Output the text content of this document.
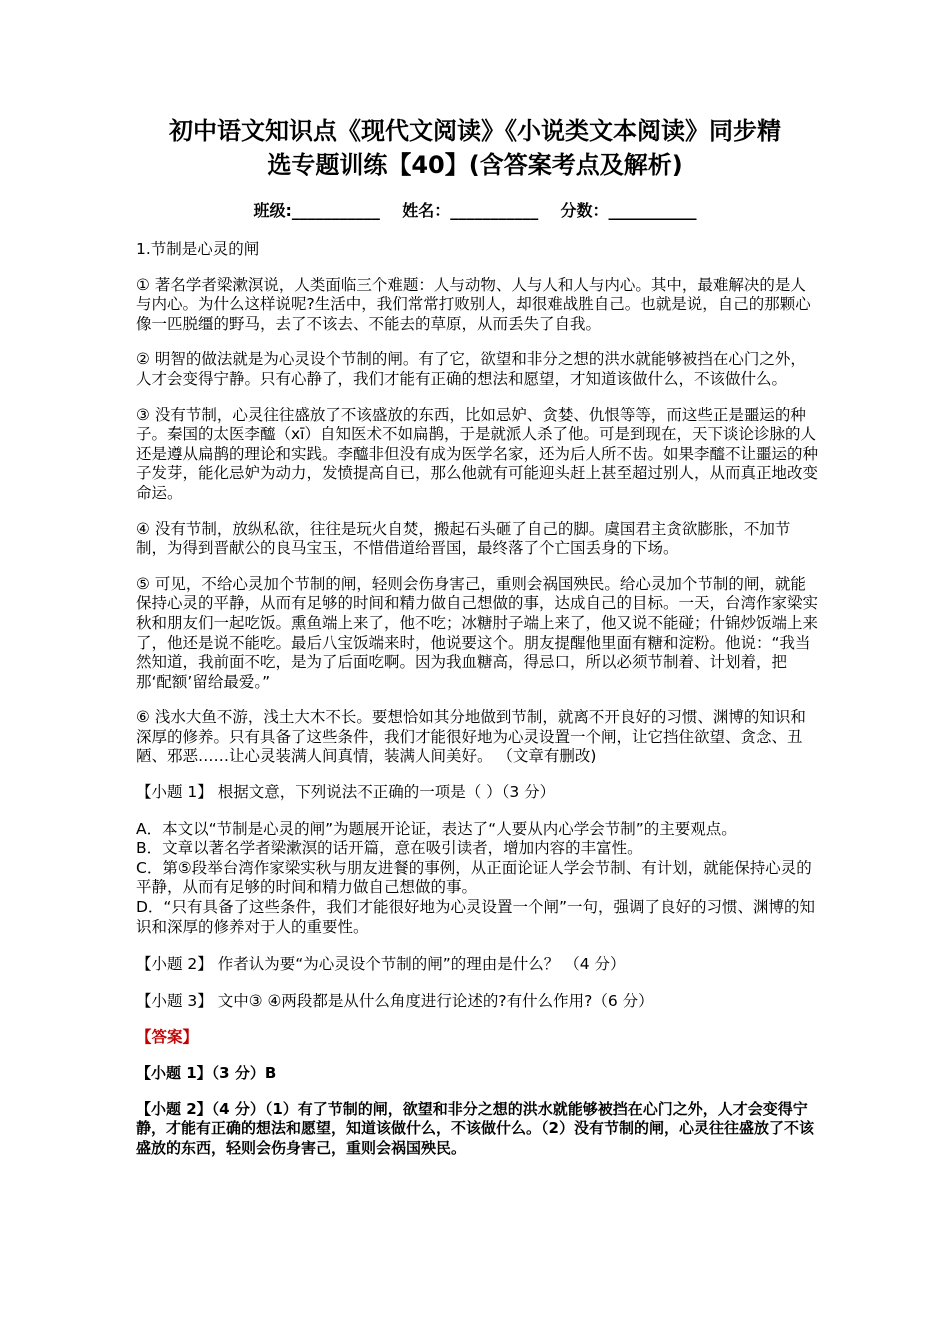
初中语文知识点《现代文阅读》《小说类文本阅读》同步精
选专题训练【40】(含答案考点及解析)
班级:___________    姓名：___________    分数：___________

1.节制是心灵的闸

① 著名学者梁漱溟说，人类面临三个难题：人与动物、人与人和人与内心。其中，最难解决的是人与内心。为什么这样说呢?生活中，我们常常打败别人，却很难战胜自己。也就是说，自己的那颗心像一匹脱缰的野马，去了不该去、不能去的草原，从而丢失了自我。

② 明智的做法就是为心灵设个节制的闸。有了它，欲望和非分之想的洪水就能够被挡在心门之外，人才会变得宁静。只有心静了，我们才能有正确的想法和愿望，才知道该做什么，不该做什么。

③ 没有节制，心灵往往盛放了不该盛放的东西，比如忌妒、贪婪、仇恨等等，而这些正是噩运的种子。秦国的太医李醯（xī）自知医术不如扁鹊，于是就派人杀了他。可是到现在，天下谈论诊脉的人还是遵从扁鹊的理论和实践。李醯非但没有成为医学名家，还为后人所不齿。如果李醯不让噩运的种子发芽，能化忌妒为动力，发愤提高自已，那么他就有可能迎头赶上甚至超过别人，从而真正地改变命运。

④ 没有节制，放纵私欲，往往是玩火自焚，搬起石头砸了自己的脚。虞国君主贪欲膨胀，不加节制，为得到晋献公的良马宝玉，不惜借道给晋国，最终落了个亡国丢身的下场。

⑤ 可见，不给心灵加个节制的闸，轻则会伤身害己，重则会祸国殃民。给心灵加个节制的闸，就能保持心灵的平静，从而有足够的时间和精力做自己想做的事，达成自己的目标。一天，台湾作家梁实秋和朋友们一起吃饭。熏鱼端上来了，他不吃；冰糖肘子端上来了，他又说不能碰；什锦炒饭端上来了，他还是说不能吃。最后八宝饭端来时，他说要这个。朋友提醒他里面有糖和淀粉。他说：“我当然知道，我前面不吃，是为了后面吃啊。因为我血糖高，得忌口，所以必须节制着、计划着，把那‘配额’留给最爱。”

⑥ 浅水大鱼不游，浅土大木不长。要想恰如其分地做到节制，就离不开良好的习惯、渊博的知识和深厚的修养。只有具备了这些条件，我们才能很好地为心灵设置一个闸，让它挡住欲望、贪念、丑陋、邪恶……让心灵装满人间真情，装满人间美好。 （文章有删改)

【小题 1】 根据文意，下列说法不正确的一项是（ ）（3 分）

A．本文以“节制是心灵的闸”为题展开论证，表达了“人要从内心学会节制”的主要观点。

B．文章以著名学者梁漱溟的话开篇，意在吸引读者，增加内容的丰富性。

C．第⑤段举台湾作家梁实秋与朋友进餐的事例，从正面论证人学会节制、有计划，就能保持心灵的平静，从而有足够的时间和精力做自己想做的事。

D．“只有具备了这些条件，我们才能很好地为心灵设置一个闸”一句，强调了良好的习惯、渊博的知识和深厚的修养对于人的重要性。

【小题 2】 作者认为要“为心灵设个节制的闸”的理由是什么？ （4 分）

【小题 3】 文中③ ④两段都是从什么角度进行论述的?有什么作用?（6 分）

【答案】

【小题 1】（3 分）B

【小题 2】（4 分）（1）有了节制的闸，欲望和非分之想的洪水就能够被挡在心门之外，人才会变得宁静，才能有正确的想法和愿望，知道该做什么，不该做什么。（2）没有节制的闸，心灵往往盛放了不该盛放的东西，轻则会伤身害己，重则会祸国殃民。
